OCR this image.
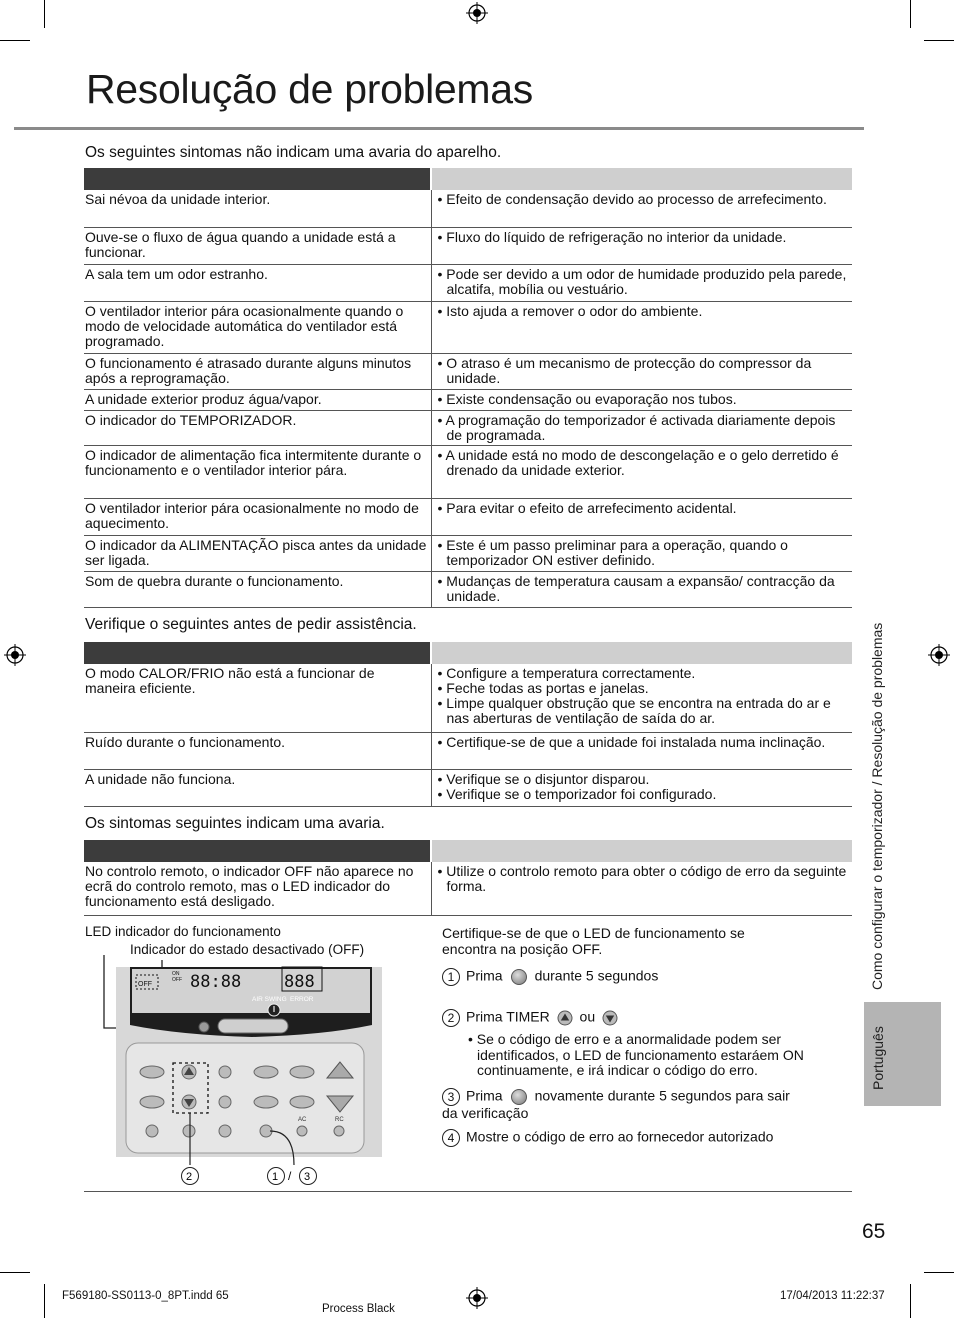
Resolução de problemas
Os seguintes sintomas não indicam uma avaria do aparelho.

Sai névoa da unidade interior.	• Efeito de condensação devido ao processo de arrefecimento.

Ouve-se o fluxo de água quando a unidade está a funcionar.	• Fluxo do líquido de refrigeração no interior da unidade.

A sala tem um odor estranho.	• Pode ser devido a um odor de humidade produzido pela parede, alcatifa, mobília ou vestuário.

O ventilador interior pára ocasionalmente quando o modo de velocidade automática do ventilador está programado.	• Isto ajuda a remover o odor do ambiente.

O funcionamento é atrasado durante alguns minutos após a reprogramação.	• O atraso é um mecanismo de protecção do compressor da unidade.

A unidade exterior produz água/vapor.	• Existe condensação ou evaporação nos tubos.

O indicador do TEMPORIZADOR.	• A programação do temporizador é activada diariamente depois de programada.

O indicador de alimentação fica intermitente durante o funcionamento e o ventilador interior pára.	• A unidade está no modo de descongelação e o gelo derretido é drenado da unidade exterior.

O ventilador interior pára ocasionalmente no modo de aquecimento.	• Para evitar o efeito de arrefecimento acidental.

O indicador da ALIMENTAÇÃO pisca antes da unidade ser ligada.	• Este é um passo preliminar para a operação, quando o temporizador ON estiver definido.

Som de quebra durante o funcionamento.	• Mudanças de temperatura causam a expansão/ contracção da unidade.
Verifique o seguintes antes de pedir assistência.

O modo CALOR/FRIO não está a funcionar de maneira eficiente.	• Configure a temperatura correctamente.
• Feche todas as portas e janelas.
• Limpe qualquer obstrução que se encontra na entrada do ar e nas aberturas de ventilação de saída do ar.

Ruído durante o funcionamento.	• Certifique-se de que a unidade foi instalada numa inclinação.

A unidade não funciona.	• Verifique se o disjuntor disparou.
• Verifique se o temporizador foi configurado.
Os sintomas seguintes indicam uma avaria.

No controlo remoto, o indicador OFF não aparece no ecrã do controlo remoto, mas o LED indicador do funcionamento está desligado.	• Utilize o controlo remoto para obter o código de erro da seguinte forma.
LED indicador do funcionamento
Indicador do estado desactivado (OFF)
OFF
ON
OFF 88:88	888
AIR SWING ERROR
AC	RC
2	1 / 3
Certifique-se de que o LED de funcionamento se encontra na posição OFF.
1 Prima durante 5 segundos
2 Prima TIMER ou
• Se o código de erro e a anormalidade podem ser identificados, o LED de funcionamento estaráem ON continuamente, e irá indicar o código do erro.
3 Prima novamente durante 5 segundos para sair da verificação
4 Mostre o código de erro ao fornecedor autorizado
Como configurar o temporizador / Resolução de problemas
Português
65
F569180-SS0113-0_8PT.indd 65
Process Black
17/04/2013 11:22:37
